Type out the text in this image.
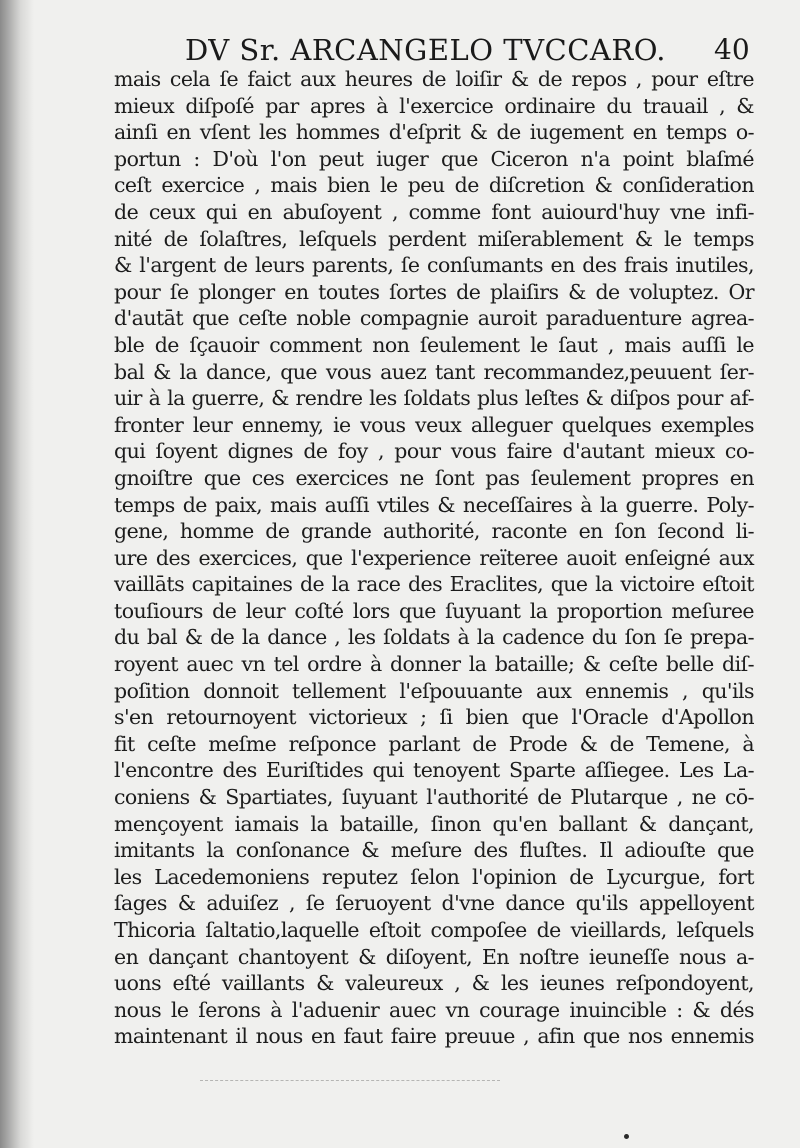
DV Sr. ARCANGELO TVCCARO. 40
mais cela ſe faict aux heures de loiſir & de repos , pour eſtre
mieux diſpoſé par apres à l'exercice ordinaire du trauail , &
ainſi en vſent les hommes d'eſprit & de iugement en temps o-
portun : D'où l'on peut iuger que Ciceron n'a point blaſmé
ceſt exercice , mais bien le peu de diſcretion & conſideration
de ceux qui en abuſoyent , comme font auiourd'huy vne infi-
nité de ſolaſtres, leſquels perdent miſerablement & le temps
& l'argent de leurs parents, ſe conſumants en des frais inutiles,
pour ſe plonger en toutes ſortes de plaiſirs & de voluptez. Or
d'autāt que ceſte noble compagnie auroit paraduenture agrea-
ble de ſçauoir comment non ſeulement le ſaut , mais auſſi le
bal & la dance, que vous auez tant recommandez,peuuent ſer-
uir à la guerre, & rendre les ſoldats plus leſtes & diſpos pour af-
fronter leur ennemy, ie vous veux alleguer quelques exemples
qui ſoyent dignes de foy , pour vous faire d'autant mieux co-
gnoiſtre que ces exercices ne ſont pas ſeulement propres en
temps de paix, mais auſſi vtiles & neceſſaires à la guerre. Poly-
gene, homme de grande authorité, raconte en ſon ſecond li-
ure des exercices, que l'experience reïteree auoit enſeigné aux
vaillāts capitaines de la race des Eraclites, que la victoire eſtoit
touſiours de leur coſté lors que ſuyuant la proportion meſuree
du bal & de la dance , les ſoldats à la cadence du ſon ſe prepa-
royent auec vn tel ordre à donner la bataille; & ceſte belle diſ-
poſition donnoit tellement l'eſpouuante aux ennemis , qu'ils
s'en retournoyent victorieux ; ſi bien que l'Oracle d'Apollon
fit ceſte meſme reſponce parlant de Prode & de Temene, à
l'encontre des Euriſtides qui tenoyent Sparte aſſiegee. Les La-
coniens & Spartiates, ſuyuant l'authorité de Plutarque , ne cō-
mençoyent iamais la bataille, ſinon qu'en ballant & dançant,
imitants la conſonance & meſure des fluſtes. Il adiouſte que
les Lacedemoniens reputez ſelon l'opinion de Lycurgue, fort
ſages & aduiſez , ſe ſeruoyent d'vne dance qu'ils appelloyent
Thicoria ſaltatio,laquelle eſtoit compoſee de vieillards, leſquels
en dançant chantoyent & diſoyent, En noſtre ieuneſſe nous a-
uons eſté vaillants & valeureux , & les ieunes reſpondoyent,
nous le ſerons à l'aduenir auec vn courage inuincible : & dés
maintenant il nous en faut faire preuue , afin que nos ennemis
